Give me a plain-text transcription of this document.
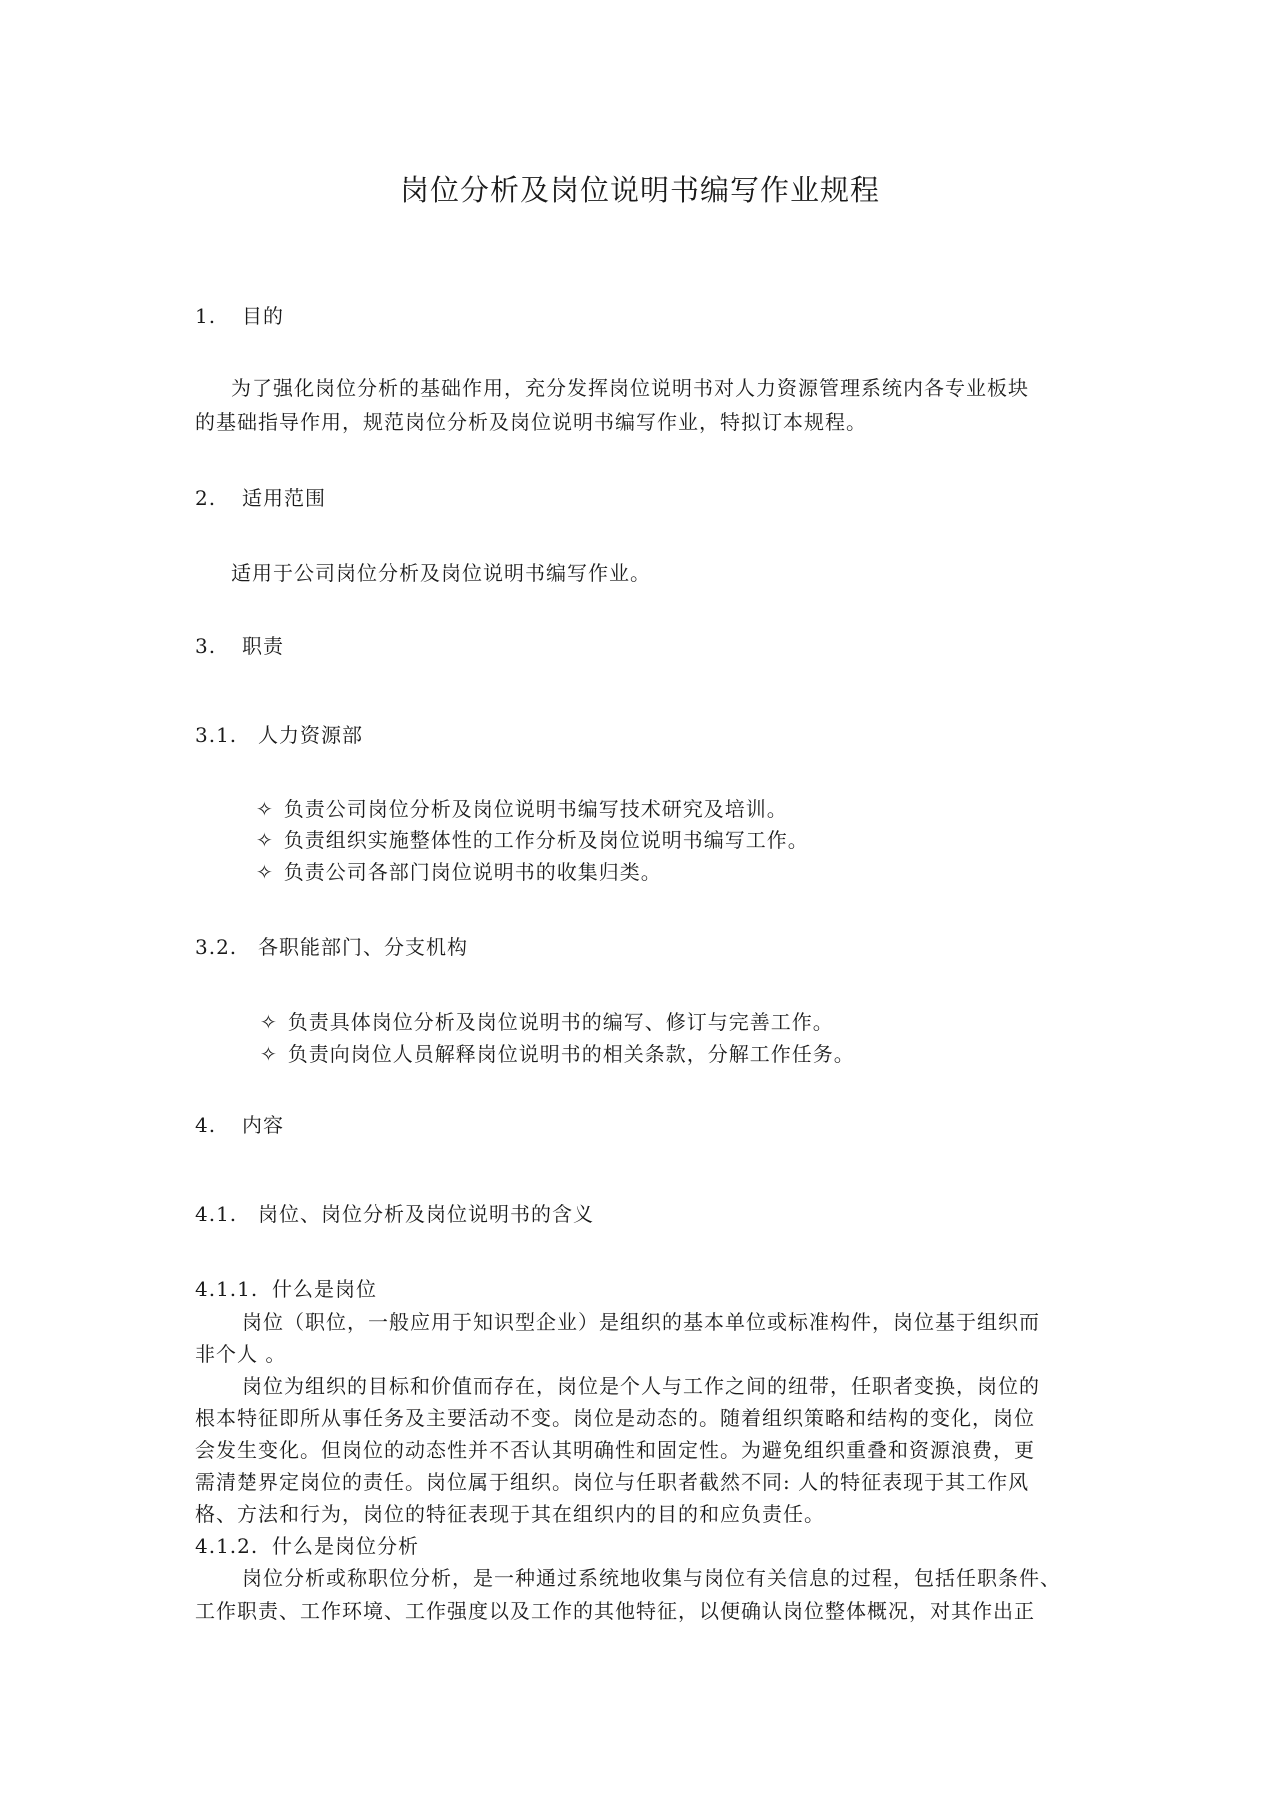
岗位分析及岗位说明书编写作业规程
1. 目的
为了强化岗位分析的基础作用，充分发挥岗位说明书对人力资源管理系统内各专业板块
的基础指导作用，规范岗位分析及岗位说明书编写作业，特拟订本规程。
2. 适用范围
适用于公司岗位分析及岗位说明书编写作业。
3. 职责
3.1. 人力资源部
✧ 负责公司岗位分析及岗位说明书编写技术研究及培训。
✧ 负责组织实施整体性的工作分析及岗位说明书编写工作。
✧ 负责公司各部门岗位说明书的收集归类。
3.2. 各职能部门、分支机构
✧ 负责具体岗位分析及岗位说明书的编写、修订与完善工作。
✧ 负责向岗位人员解释岗位说明书的相关条款，分解工作任务。
4. 内容
4.1. 岗位、岗位分析及岗位说明书的含义
4.1.1. 什么是岗位
岗位（职位，一般应用于知识型企业）是组织的基本单位或标准构件，岗位基于组织而
非个人 。
岗位为组织的目标和价值而存在，岗位是个人与工作之间的纽带，任职者变换，岗位的
根本特征即所从事任务及主要活动不变。岗位是动态的。随着组织策略和结构的变化，岗位
会发生变化。但岗位的动态性并不否认其明确性和固定性。为避免组织重叠和资源浪费，更
需清楚界定岗位的责任。岗位属于组织。岗位与任职者截然不同: 人的特征表现于其工作风
格、方法和行为，岗位的特征表现于其在组织内的目的和应负责任。
4.1.2. 什么是岗位分析
岗位分析或称职位分析，是一种通过系统地收集与岗位有关信息的过程，包括任职条件、
工作职责、工作环境、工作强度以及工作的其他特征，以便确认岗位整体概况，对其作出正
